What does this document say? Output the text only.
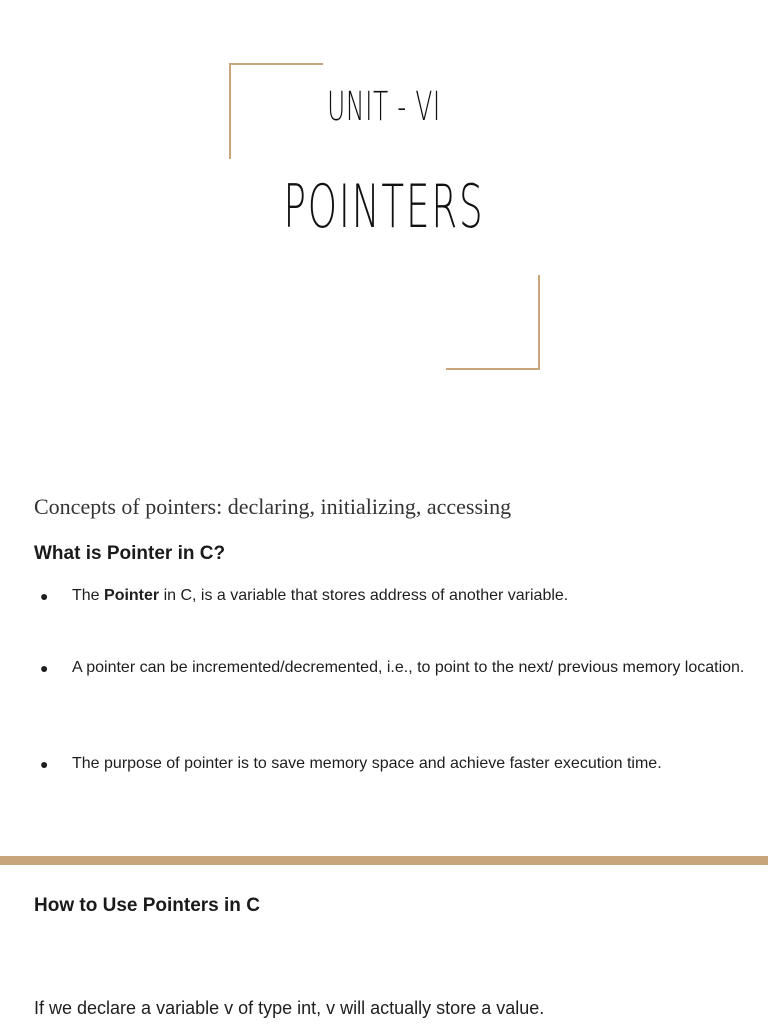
UNIT - VI
POINTERS
Concepts of pointers: declaring, initializing, accessing
What is Pointer in C?
● The Pointer in C, is a variable that stores address of another variable.
● A pointer can be incremented/decremented, i.e., to point to the next/ previous memory location.
● The purpose of pointer is to save memory space and achieve faster execution time.
How to Use Pointers in C
If we declare a variable v of type int, v will actually store a value.
